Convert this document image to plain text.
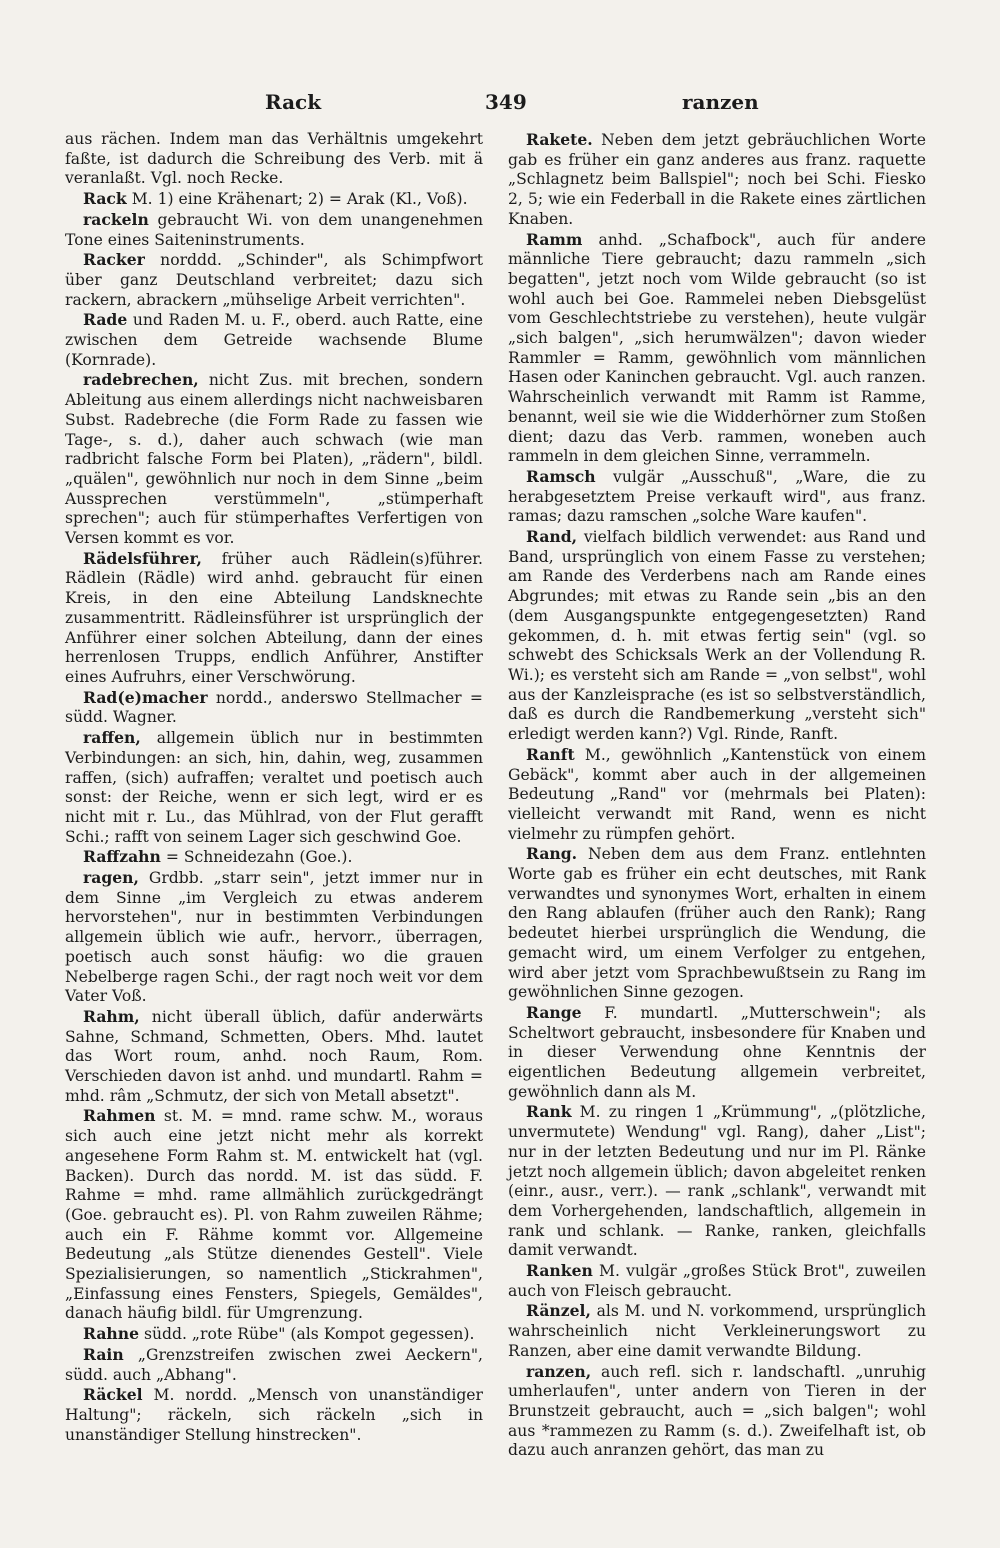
Rack	349	ranzen

aus rächen. Indem man das Verhältnis umgekehrt faßte, ist dadurch die Schreibung des Verb. mit ä veranlaßt. Vgl. noch Recke.

Rack M. 1) eine Krähenart; 2) = Arak (Kl., Voß).

rackeln gebraucht Wi. von dem unangenehmen Tone eines Saiteninstruments.

Racker norddd. „Schinder", als Schimpfwort über ganz Deutschland verbreitet; dazu sich rackern, abrackern „mühselige Arbeit verrichten".

Rade und Raden M. u. F., oberd. auch Ratte, eine zwischen dem Getreide wachsende Blume (Kornrade).

radebrechen, nicht Zus. mit brechen, sondern Ableitung aus einem allerdings nicht nachweisbaren Subst. Radebreche (die Form Rade zu fassen wie Tage-, s. d.), daher auch schwach (wie man radbricht falsche Form bei Platen), „rädern", bildl. „quälen", gewöhnlich nur noch in dem Sinne „beim Aussprechen verstümmeln", „stümperhaft sprechen"; auch für stümperhaftes Verfertigen von Versen kommt es vor.

Rädelsführer, früher auch Rädlein(s)führer. Rädlein (Rädle) wird anhd. gebraucht für einen Kreis, in den eine Abteilung Landsknechte zusammentritt. Rädleinsführer ist ursprünglich der Anführer einer solchen Abteilung, dann der eines herrenlosen Trupps, endlich Anführer, Anstifter eines Aufruhrs, einer Verschwörung.

Rad(e)macher nordd., anderswo Stellmacher = südd. Wagner.

raffen, allgemein üblich nur in bestimmten Verbindungen: an sich, hin, dahin, weg, zusammen raffen, (sich) aufraffen; veraltet und poetisch auch sonst: der Reiche, wenn er sich legt, wird er es nicht mit r. Lu., das Mühlrad, von der Flut gerafft Schi.; rafft von seinem Lager sich geschwind Goe.

Raffzahn = Schneidezahn (Goe.).

ragen, Grdbb. „starr sein", jetzt immer nur in dem Sinne „im Vergleich zu etwas anderem hervorstehen", nur in bestimmten Verbindungen allgemein üblich wie aufr., hervorr., überragen, poetisch auch sonst häufig: wo die grauen Nebelberge ragen Schi., der ragt noch weit vor dem Vater Voß.

Rahm, nicht überall üblich, dafür anderwärts Sahne, Schmand, Schmetten, Obers. Mhd. lautet das Wort roum, anhd. noch Raum, Rom. Verschieden davon ist anhd. und mundartl. Rahm = mhd. râm „Schmutz, der sich von Metall absetzt".

Rahmen st. M. = mnd. rame schw. M., woraus sich auch eine jetzt nicht mehr als korrekt angesehene Form Rahm st. M. entwickelt hat (vgl. Backen). Durch das nordd. M. ist das südd. F. Rahme = mhd. rame allmählich zurückgedrängt (Goe. gebraucht es). Pl. von Rahm zuweilen Rähme; auch ein F. Rähme kommt vor. Allgemeine Bedeutung „als Stütze dienendes Gestell". Viele Spezialisierungen, so namentlich „Stickrahmen", „Einfassung eines Fensters, Spiegels, Gemäldes", danach häufig bildl. für Umgrenzung.

Rahne südd. „rote Rübe" (als Kompot gegessen).

Rain „Grenzstreifen zwischen zwei Aeckern", südd. auch „Abhang".

Räckel M. nordd. „Mensch von unanständiger Haltung"; räckeln, sich räckeln „sich in unanständiger Stellung hinstrecken".

Rakete. Neben dem jetzt gebräuchlichen Worte gab es früher ein ganz anderes aus franz. raquette „Schlagnetz beim Ballspiel"; noch bei Schi. Fiesko 2, 5; wie ein Federball in die Rakete eines zärtlichen Knaben.

Ramm anhd. „Schafbock", auch für andere männliche Tiere gebraucht; dazu rammeln „sich begatten", jetzt noch vom Wilde gebraucht (so ist wohl auch bei Goe. Rammelei neben Diebsgelüst vom Geschlechtstriebe zu verstehen), heute vulgär „sich balgen", „sich herumwälzen"; davon wieder Rammler = Ramm, gewöhnlich vom männlichen Hasen oder Kaninchen gebraucht. Vgl. auch ranzen. Wahrscheinlich verwandt mit Ramm ist Ramme, benannt, weil sie wie die Widderhörner zum Stoßen dient; dazu das Verb. rammen, woneben auch rammeln in dem gleichen Sinne, verrammeln.

Ramsch vulgär „Ausschuß", „Ware, die zu herabgesetztem Preise verkauft wird", aus franz. ramas; dazu ramschen „solche Ware kaufen".

Rand, vielfach bildlich verwendet: aus Rand und Band, ursprünglich von einem Fasse zu verstehen; am Rande des Verderbens nach am Rande eines Abgrundes; mit etwas zu Rande sein „bis an den (dem Ausgangspunkte entgegengesetzten) Rand gekommen, d. h. mit etwas fertig sein" (vgl. so schwebt des Schicksals Werk an der Vollendung R. Wi.); es versteht sich am Rande = „von selbst", wohl aus der Kanzleisprache (es ist so selbstverständlich, daß es durch die Randbemerkung „versteht sich" erledigt werden kann?) Vgl. Rinde, Ranft.

Ranft M., gewöhnlich „Kantenstück von einem Gebäck", kommt aber auch in der allgemeinen Bedeutung „Rand" vor (mehrmals bei Platen): vielleicht verwandt mit Rand, wenn es nicht vielmehr zu rümpfen gehört.

Rang. Neben dem aus dem Franz. entlehnten Worte gab es früher ein echt deutsches, mit Rank verwandtes und synonymes Wort, erhalten in einem den Rang ablaufen (früher auch den Rank); Rang bedeutet hierbei ursprünglich die Wendung, die gemacht wird, um einem Verfolger zu entgehen, wird aber jetzt vom Sprachbewußtsein zu Rang im gewöhnlichen Sinne gezogen.

Range F. mundartl. „Mutterschwein"; als Scheltwort gebraucht, insbesondere für Knaben und in dieser Verwendung ohne Kenntnis der eigentlichen Bedeutung allgemein verbreitet, gewöhnlich dann als M.

Rank M. zu ringen 1 „Krümmung", „(plötzliche, unvermutete) Wendung" vgl. Rang), daher „List"; nur in der letzten Bedeutung und nur im Pl. Ränke jetzt noch allgemein üblich; davon abgeleitet renken (einr., ausr., verr.). — rank „schlank", verwandt mit dem Vorhergehenden, landschaftlich, allgemein in rank und schlank. — Ranke, ranken, gleichfalls damit verwandt.

Ranken M. vulgär „großes Stück Brot", zuweilen auch von Fleisch gebraucht.

Ränzel, als M. und N. vorkommend, ursprünglich wahrscheinlich nicht Verkleinerungswort zu Ranzen, aber eine damit verwandte Bildung.

ranzen, auch refl. sich r. landschaftl. „unruhig umherlaufen", unter andern von Tieren in der Brunstzeit gebraucht, auch = „sich balgen"; wohl aus *rammezen zu Ramm (s. d.). Zweifelhaft ist, ob dazu auch anranzen gehört, das man zu
